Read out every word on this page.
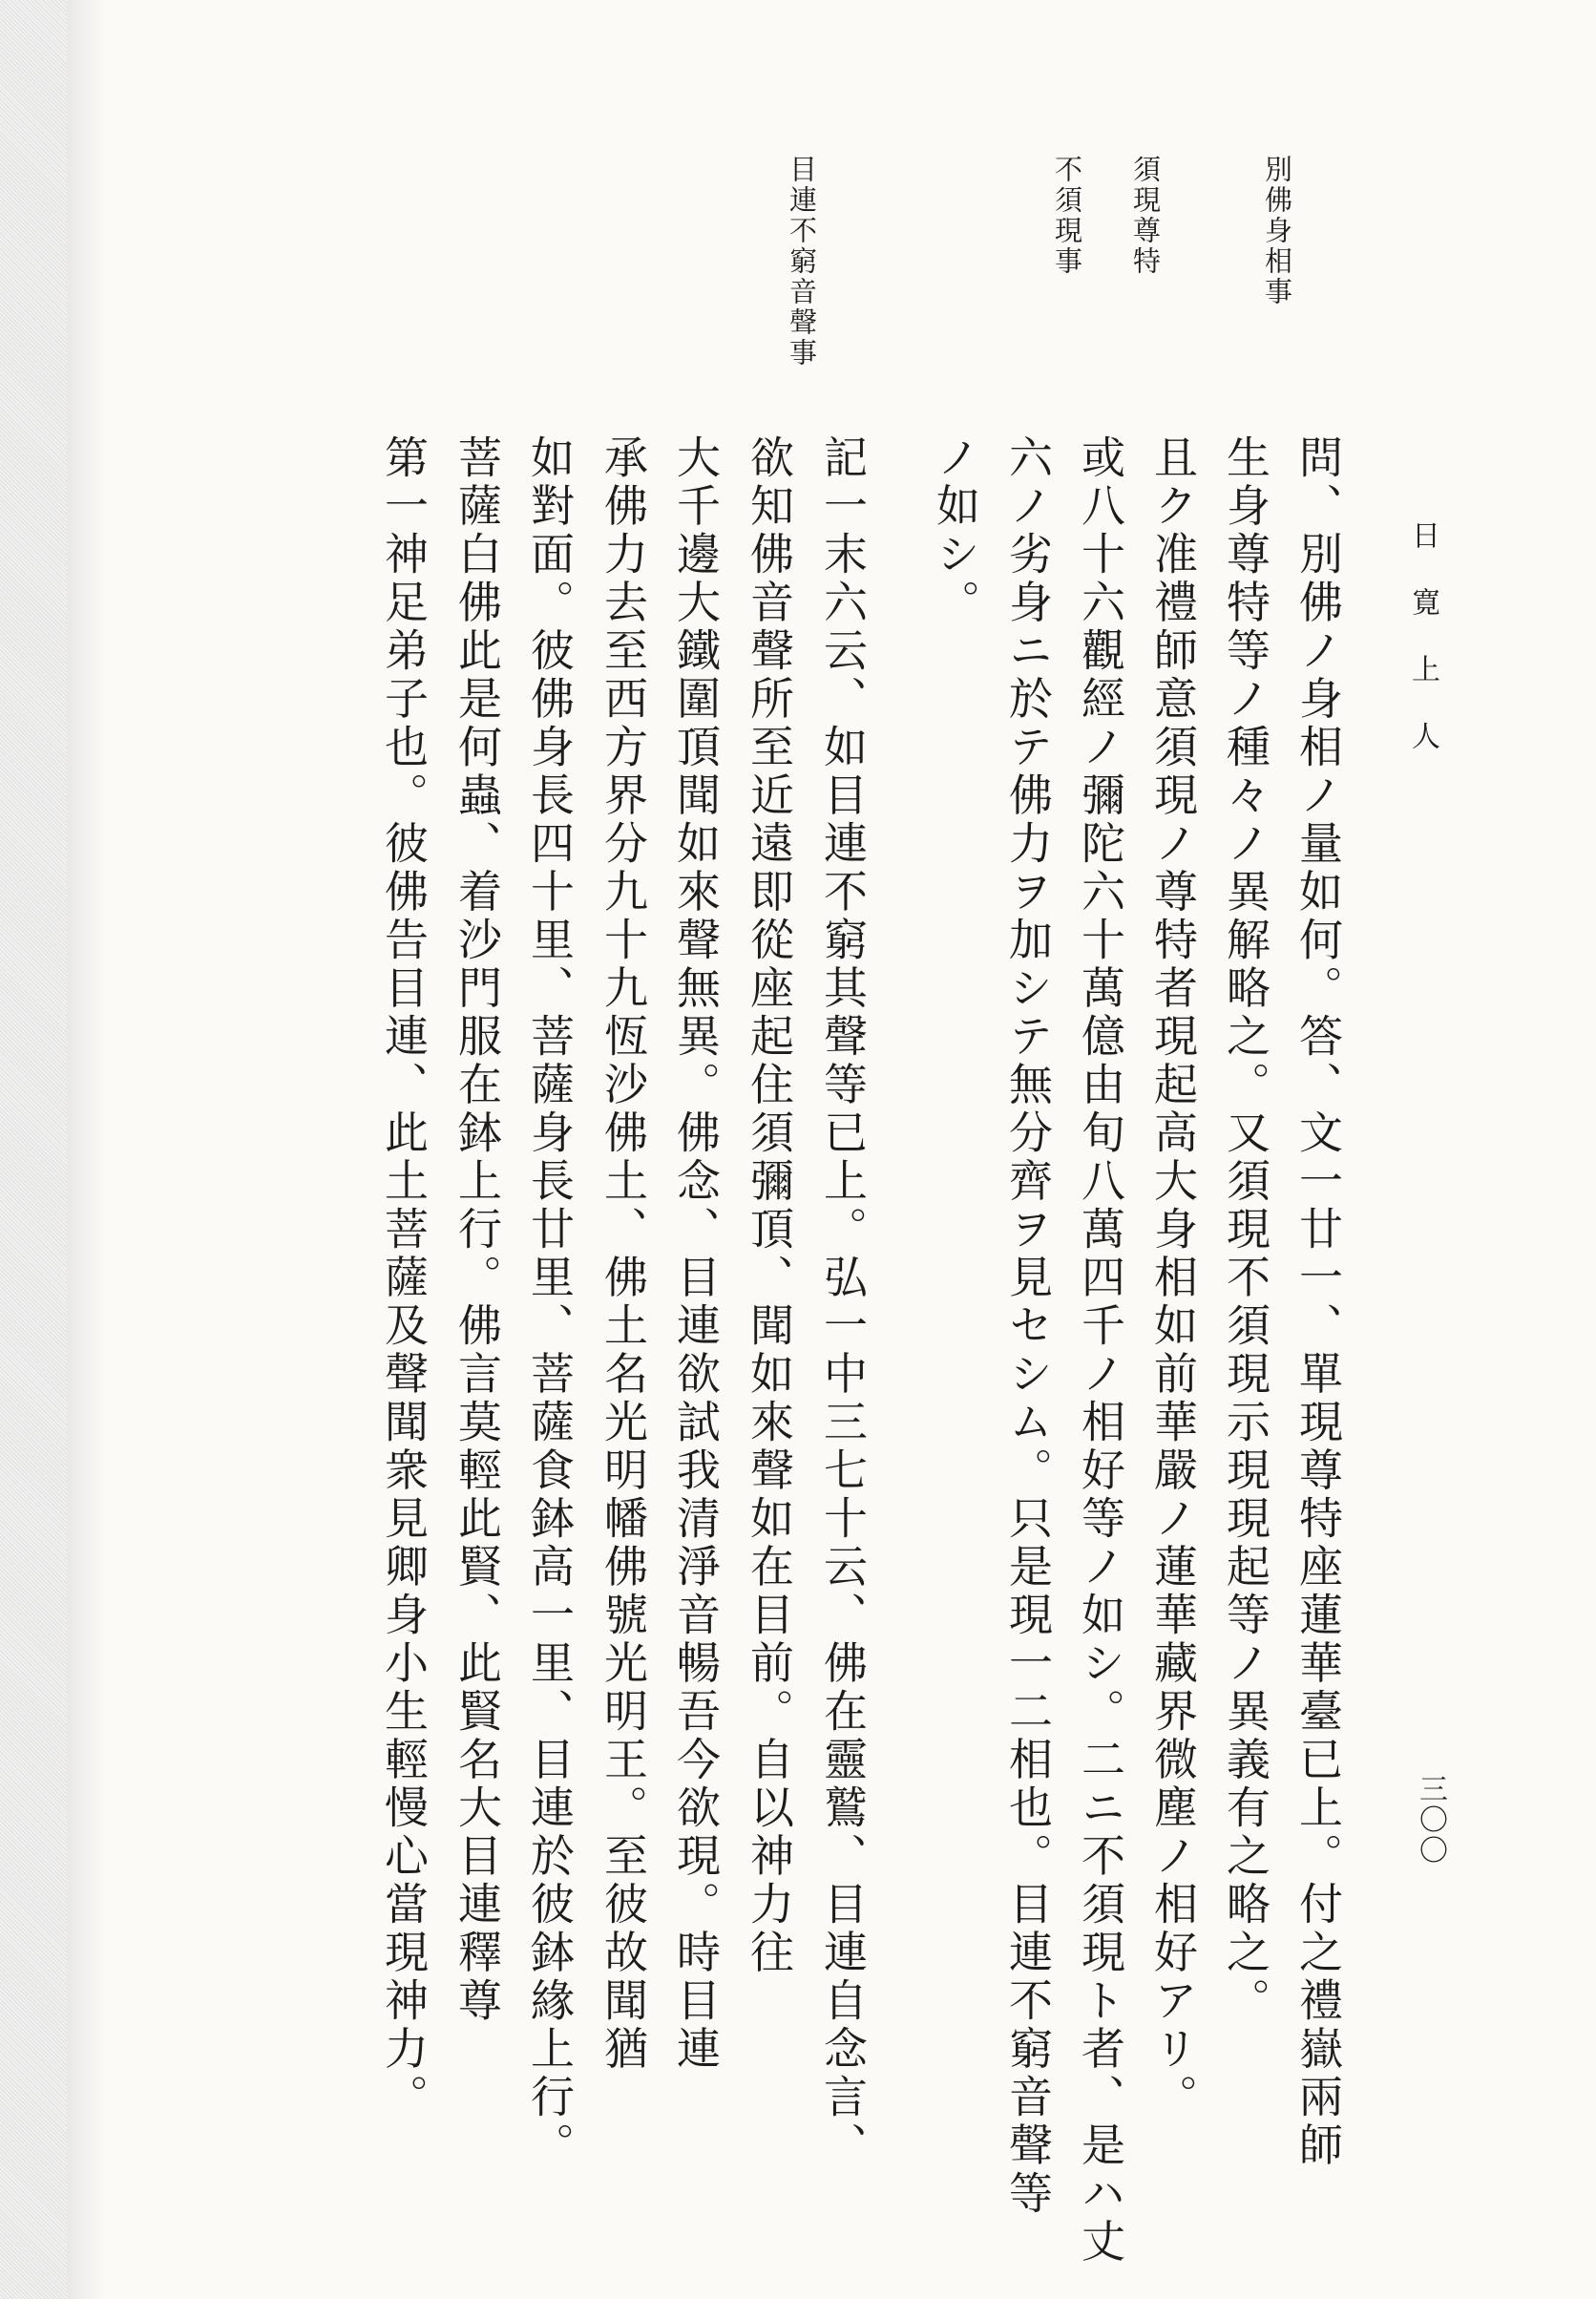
日寛上人
三〇〇
別佛身相事
須現尊特
不須現事
目連不窮音聲事
問、別佛ノ身相ノ量如何。答、文一廿一、單現尊特座蓮華臺已上。付之禮嶽兩師
生身尊特等ノ種々ノ異解略之。又須現不須現示現現起等ノ異義有之略之。
且ク准禮師意須現ノ尊特者現起高大身相如前華嚴ノ蓮華藏界微塵ノ相好アリ。
或八十六觀經ノ彌陀六十萬億由旬八萬四千ノ相好等ノ如シ。二ニ不須現ト者、是ハ丈
六ノ劣身ニ於テ佛力ヲ加シテ無分齊ヲ見セシム。只是現一二相也。目連不窮音聲等
ノ如シ。
記一末六云、如目連不窮其聲等已上。弘一中三七十云、佛在靈鷲、目連自念言、
欲知佛音聲所至近遠即從座起住須彌頂、聞如來聲如在目前。自以神力往
大千邊大鐵圍頂聞如來聲無異。佛念、目連欲試我清淨音暢吾今欲現。時目連
承佛力去至西方界分九十九恆沙佛土、佛土名光明幡佛號光明王。至彼故聞猶
如對面。彼佛身長四十里、菩薩身長廿里、菩薩食鉢高一里、目連於彼鉢緣上行。
菩薩白佛此是何蟲、着沙門服在鉢上行。佛言莫輕此賢、此賢名大目連釋尊
第一神足弟子也。彼佛告目連、此土菩薩及聲聞衆見卿身小生輕慢心當現神力。
